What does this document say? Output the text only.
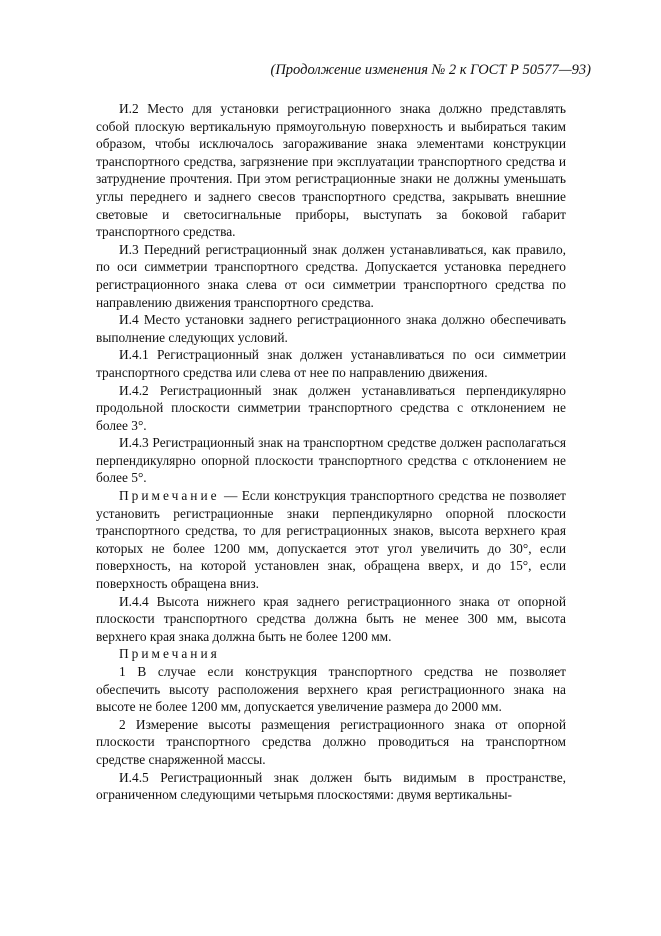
(Продолжение изменения № 2 к ГОСТ Р 50577—93)

И.2 Место для установки регистрационного знака должно представлять собой плоскую вертикальную прямоугольную поверхность и выбираться таким образом, чтобы исключалось загораживание знака элементами конструкции транспортного средства, загрязнение при эксплуатации транспортного средства и затруднение прочтения. При этом регистрационные знаки не должны уменьшать углы переднего и заднего свесов транспортного средства, закрывать внешние световые и светосигнальные приборы, выступать за боковой габарит транспортного средства.

И.3 Передний регистрационный знак должен устанавливаться, как правило, по оси симметрии транспортного средства. Допускается установка переднего регистрационного знака слева от оси симметрии транспортного средства по направлению движения транспортного средства.

И.4 Место установки заднего регистрационного знака должно обеспечивать выполнение следующих условий.

И.4.1 Регистрационный знак должен устанавливаться по оси симметрии транспортного средства или слева от нее по направлению движения.

И.4.2 Регистрационный знак должен устанавливаться перпендикулярно продольной плоскости симметрии транспортного средства с отклонением не более 3°.

И.4.3 Регистрационный знак на транспортном средстве должен располагаться перпендикулярно опорной плоскости транспортного средства с отклонением не более 5°.

Примечание — Если конструкция транспортного средства не позволяет установить регистрационные знаки перпендикулярно опорной плоскости транспортного средства, то для регистрационных знаков, высота верхнего края которых не более 1200 мм, допускается этот угол увеличить до 30°, если поверхность, на которой установлен знак, обращена вверх, и до 15°, если поверхность обращена вниз.

И.4.4 Высота нижнего края заднего регистрационного знака от опорной плоскости транспортного средства должна быть не менее 300 мм, высота верхнего края знака должна быть не более 1200 мм.

Примечания

1 В случае если конструкция транспортного средства не позволяет обеспечить высоту расположения верхнего края регистрационного знака на высоте не более 1200 мм, допускается увеличение размера до 2000 мм.

2 Измерение высоты размещения регистрационного знака от опорной плоскости транспортного средства должно проводиться на транспортном средстве снаряженной массы.

И.4.5 Регистрационный знак должен быть видимым в пространстве, ограниченном следующими четырьмя плоскостями: двумя вертикальны-
